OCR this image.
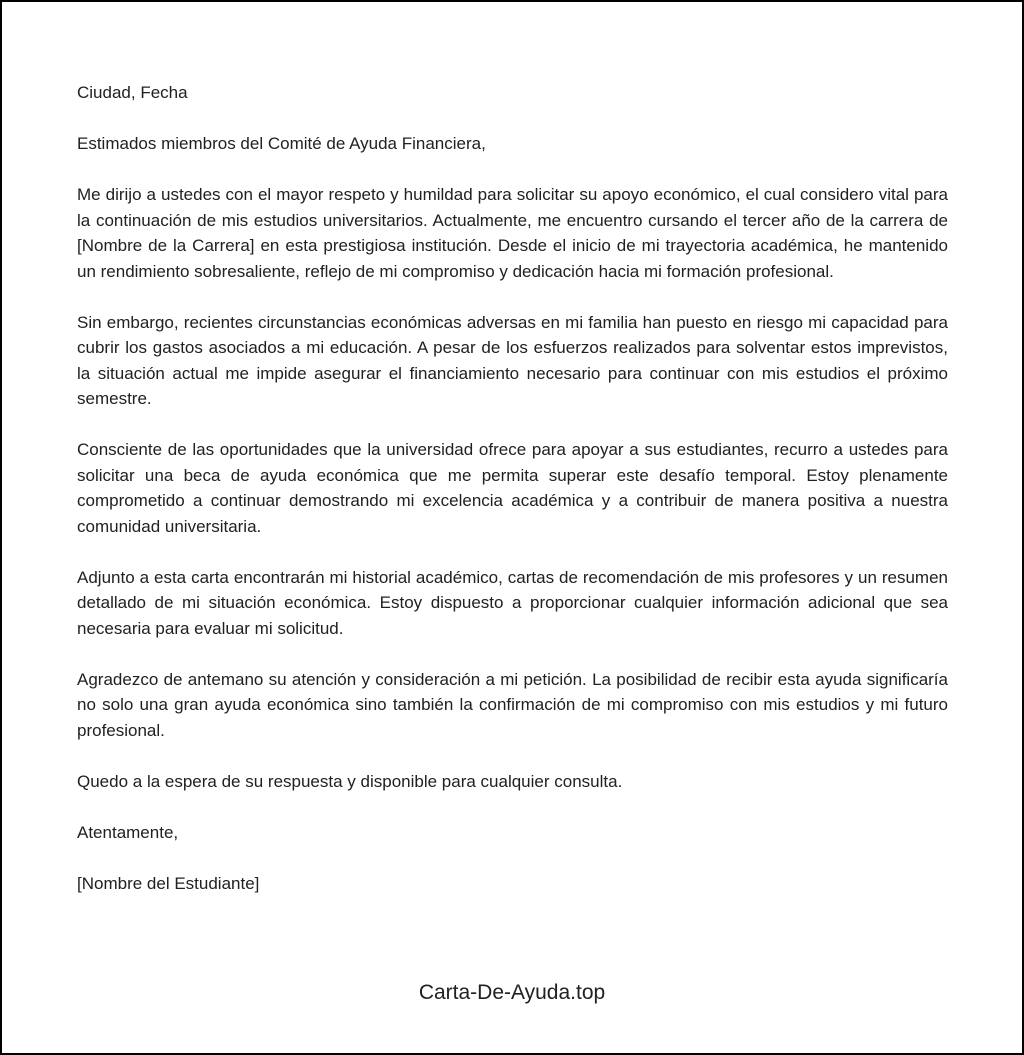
Ciudad, Fecha

Estimados miembros del Comité de Ayuda Financiera,

Me dirijo a ustedes con el mayor respeto y humildad para solicitar su apoyo económico, el cual considero vital para la continuación de mis estudios universitarios. Actualmente, me encuentro cursando el tercer año de la carrera de [Nombre de la Carrera] en esta prestigiosa institución. Desde el inicio de mi trayectoria académica, he mantenido un rendimiento sobresaliente, reflejo de mi compromiso y dedicación hacia mi formación profesional.

Sin embargo, recientes circunstancias económicas adversas en mi familia han puesto en riesgo mi capacidad para cubrir los gastos asociados a mi educación. A pesar de los esfuerzos realizados para solventar estos imprevistos, la situación actual me impide asegurar el financiamiento necesario para continuar con mis estudios el próximo semestre.

Consciente de las oportunidades que la universidad ofrece para apoyar a sus estudiantes, recurro a ustedes para solicitar una beca de ayuda económica que me permita superar este desafío temporal. Estoy plenamente comprometido a continuar demostrando mi excelencia académica y a contribuir de manera positiva a nuestra comunidad universitaria.

Adjunto a esta carta encontrarán mi historial académico, cartas de recomendación de mis profesores y un resumen detallado de mi situación económica. Estoy dispuesto a proporcionar cualquier información adicional que sea necesaria para evaluar mi solicitud.

Agradezco de antemano su atención y consideración a mi petición. La posibilidad de recibir esta ayuda significaría no solo una gran ayuda económica sino también la confirmación de mi compromiso con mis estudios y mi futuro profesional.

Quedo a la espera de su respuesta y disponible para cualquier consulta.

Atentamente,

[Nombre del Estudiante]

Carta-De-Ayuda.top
